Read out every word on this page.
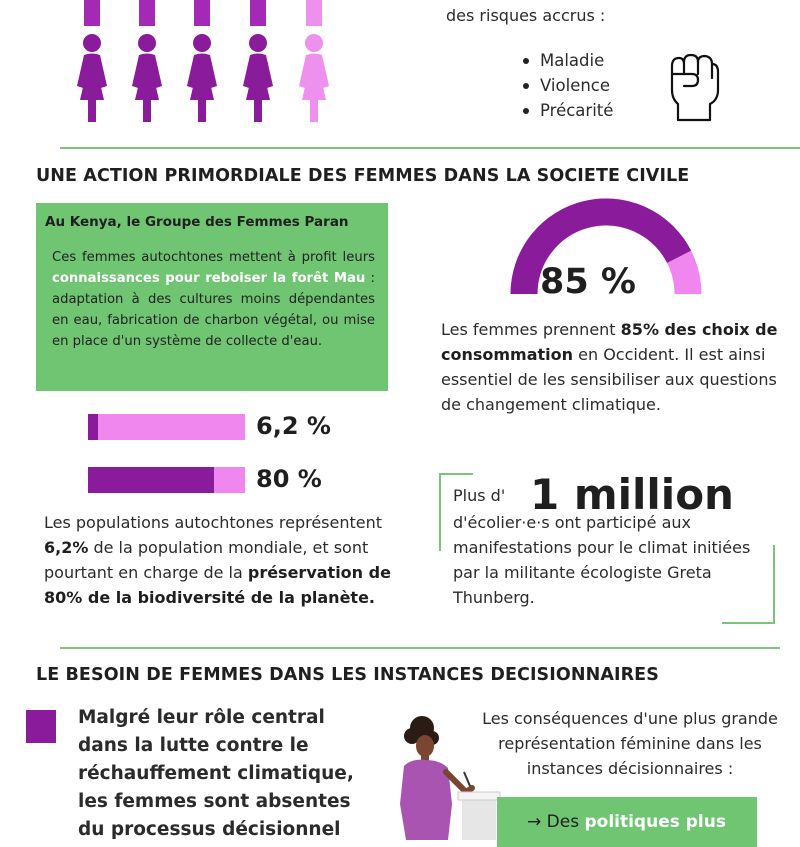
des risques accrus :
Maladie
Violence
Précarité
UNE ACTION PRIMORDIALE DES FEMMES DANS LA SOCIETE CIVILE
Au Kenya, le Groupe des Femmes Paran
Ces femmes autochtones mettent à profit leurs connaissances pour reboiser la forêt Mau : adaptation à des cultures moins dépendantes en eau, fabrication de charbon végétal, ou mise en place d'un système de collecte d'eau.
6,2 %
80 %
Les populations autochtones représentent 6,2% de la population mondiale, et sont pourtant en charge de la préservation de 80% de la biodiversité de la planète.
85 %
Les femmes prennent 85% des choix de consommation en Occident. Il est ainsi essentiel de les sensibiliser aux questions de changement climatique.
Plus d' 1 million
d'écolier·e·s ont participé aux manifestations pour le climat initiées par la militante écologiste Greta Thunberg.
LE BESOIN DE FEMMES DANS LES INSTANCES DECISIONNAIRES
Malgré leur rôle central dans la lutte contre le réchauffement climatique, les femmes sont absentes du processus décisionnel
Les conséquences d'une plus grande représentation féminine dans les instances décisionnaires :
→ Des politiques plus
